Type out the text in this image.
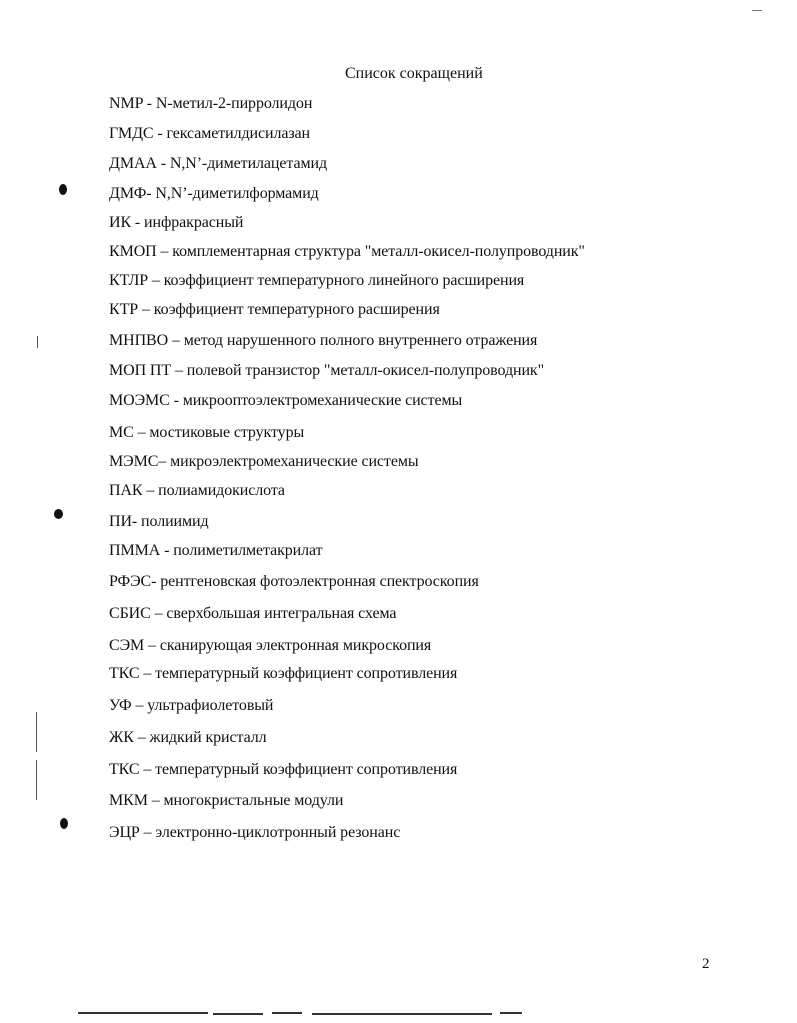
Список сокращений
NMP - N-метил-2-пирролидон
ГМДС - гексаметилдисилазан
ДМАА - N,N’-диметилацетамид
ДМФ- N,N’-диметилформамид
ИК - инфракрасный
КМОП – комплементарная структура "металл-окисел-полупроводник"
КТЛР – коэффициент температурного линейного расширения
КТР – коэффициент температурного расширения
МНПВО – метод нарушенного полного внутреннего отражения
МОП ПТ – полевой транзистор "металл-окисел-полупроводник"
МОЭМС - микрооптоэлектромеханические системы
МС – мостиковые структуры
МЭМС– микроэлектромеханические системы
ПАК – полиамидокислота
ПИ- полиимид
ПММА - полиметилметакрилат
РФЭС- рентгеновская фотоэлектронная спектроскопия
СБИС – сверхбольшая интегральная схема
СЭМ – сканирующая электронная микроскопия
ТКС – температурный коэффициент сопротивления
УФ – ультрафиолетовый
ЖК – жидкий кристалл
ТКС – температурный коэффициент сопротивления
МКМ – многокристальные модули
ЭЦР – электронно-циклотронный резонанс
2
